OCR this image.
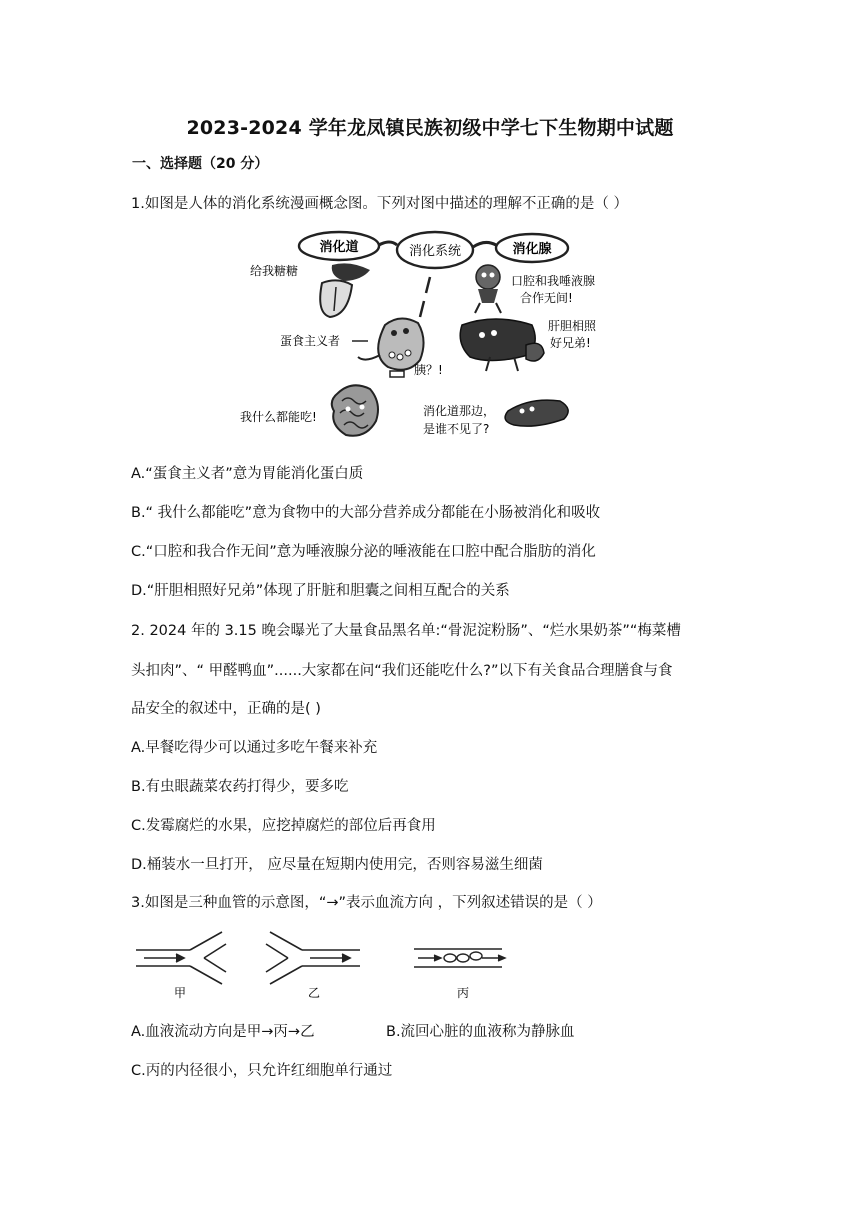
2023-2024 学年龙凤镇民族初级中学七下生物期中试题
一、选择题（20 分）
1.如图是人体的消化系统漫画概念图。下列对图中描述的理解不正确的是（ ）
消化道	消化系统	消化腺
给我糖糖
口腔和我唾液腺
合作无间!
蛋食主义者
胰？!
肝胆相照
好兄弟!
我什么都能吃!	消化道那边，
是谁不见了?
A.“蛋食主义者”意为胃能消化蛋白质
B.“ 我什么都能吃”意为食物中的大部分营养成分都能在小肠被消化和吸收
C.“口腔和我合作无间”意为唾液腺分泌的唾液能在口腔中配合脂肪的消化
D.“肝胆相照好兄弟”体现了肝脏和胆囊之间相互配合的关系
2. 2024 年的 3.15 晚会曝光了大量食品黑名单:“骨泥淀粉肠”、“烂水果奶茶”“梅菜槽
头扣肉”、“ 甲醛鸭血”......大家都在问“我们还能吃什么?”以下有关食品合理膳食与食
品安全的叙述中，正确的是( )
A.早餐吃得少可以通过多吃午餐来补充
B.有虫眼蔬菜农药打得少，要多吃
C.发霉腐烂的水果，应挖掉腐烂的部位后再食用
D.桶装水一旦打开， 应尽量在短期内使用完，否则容易滋生细菌
3.如图是三种血管的示意图，“→”表示血流方向 ，下列叙述错误的是（ ）
甲	乙	丙
A.血液流动方向是甲→丙→乙	B.流回心脏的血液称为静脉血
C.丙的内径很小，只允许红细胞单行通过
